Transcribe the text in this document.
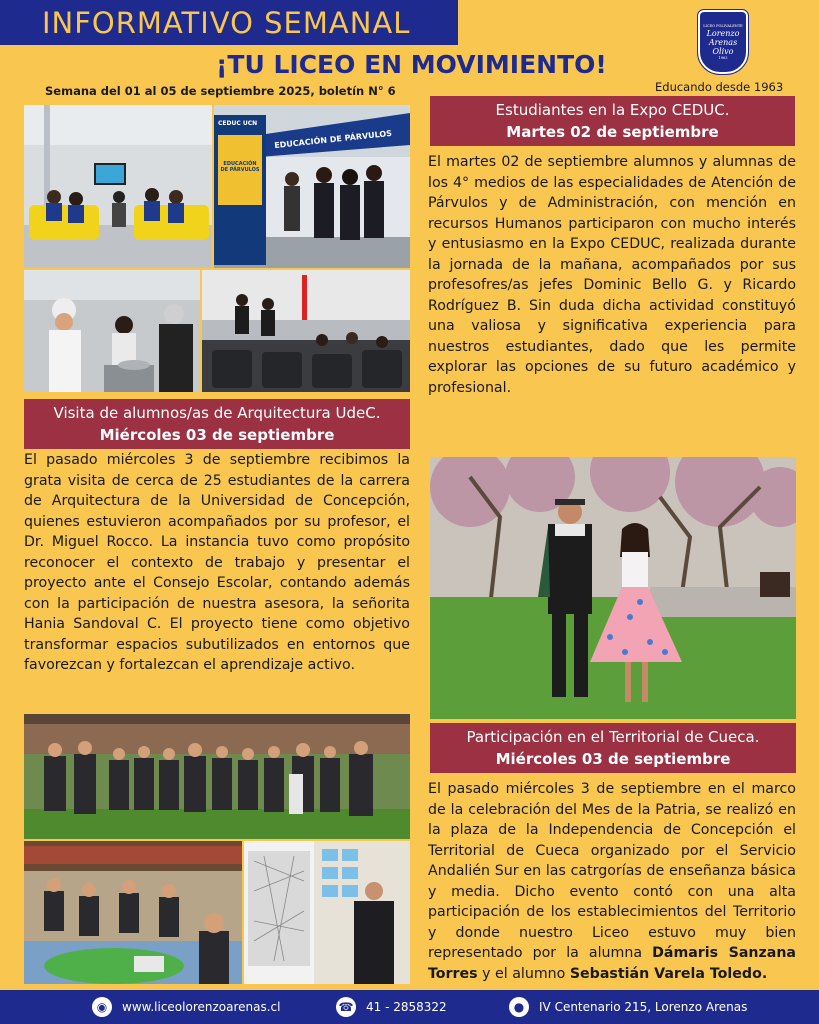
INFORMATIVO SEMANAL
¡TU LICEO EN MOVIMIENTO!
Semana del 01 al 05 de septiembre 2025, boletín N° 6	Educando desde 1963
LICEO POLIVALENTE
Lorenzo
Arenas
Olivo
1963
CEDUC UCN
EDUCACIÓN DE PÁRVULOS
EDUCACIÓN DE PÁRVULOS
Estudiantes en la Expo CEDUC.
Martes 02 de septiembre
El martes 02 de septiembre alumnos y alumnas de los 4° medios de las especialidades de Atención de Párvulos y de Administración, con mención en recursos Humanos participaron con mucho interés y entusiasmo en la Expo CEDUC, realizada durante la jornada de la mañana, acompañados por sus profesofres/as jefes Dominic Bello G. y Ricardo Rodríguez B. Sin duda dicha actividad constituyó una valiosa y significativa experiencia para nuestros estudiantes, dado que les permite explorar las opciones de su futuro académico y profesional.
Visita de alumnos/as de Arquitectura UdeC.
Miércoles 03 de septiembre
El pasado miércoles 3 de septiembre recibimos la grata visita de cerca de 25 estudiantes de la carrera de Arquitectura de la Universidad de Concepción, quienes estuvieron acompañados por su profesor, el Dr. Miguel Rocco. La instancia tuvo como propósito reconocer el contexto de trabajo y presentar el proyecto ante el Consejo Escolar, contando además con la participación de nuestra asesora, la señorita Hania Sandoval C. El proyecto tiene como objetivo transformar espacios subutilizados en entornos que favorezcan y fortalezcan el aprendizaje activo.
Participación en el Territorial de Cueca.
Miércoles 03 de septiembre
El pasado miércoles 3 de septiembre en el marco de la celebración del Mes de la Patria, se realizó en la plaza de la Independencia de Concepción el Territorial de Cueca organizado por el Servicio Andalién Sur en las catrgorías de enseñanza básica y media. Dicho evento contó con una alta participación de los establecimientos del Territorio y donde nuestro Liceo estuvo muy bien representado por la alumna Dámaris Sanzana Torres y el alumno Sebastián Varela Toledo.
◉	www.liceolorenzoarenas.cl	☎ 41 - 2858322	●	IV Centenario 215, Lorenzo Arenas
